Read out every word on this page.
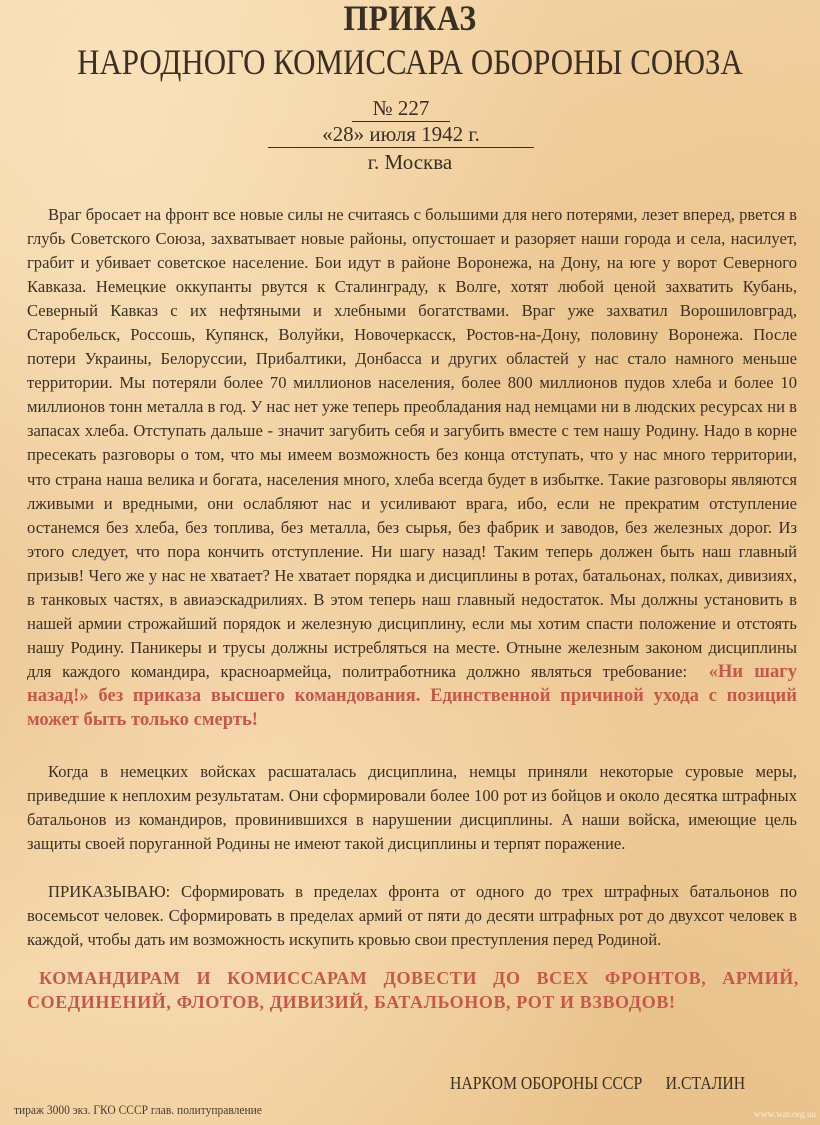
ПРИКАЗ
НАРОДНОГО КОМИССАРА ОБОРОНЫ СОЮЗА
№ 227
«28» июля 1942 г.
г. Москва
Враг бросает на фронт все новые силы не считаясь с большими для него потерями, лезет вперед, рвется в глубь Советского Союза, захватывает новые районы, опустошает и разоряет наши города и села, насилует, грабит и убивает советское население. Бои идут в районе Воронежа, на Дону, на юге у ворот Северного Кавказа. Немецкие оккупанты рвутся к Сталинграду, к Волге, хотят любой ценой захватить Кубань, Северный Кавказ с их нефтяными и хлебными богатствами. Враг уже захватил Ворошиловград, Старобельск, Россошь, Купянск, Волуйки, Новочеркасск, Ростов-на-Дону, половину Воронежа. После потери Украины, Белоруссии, Прибалтики, Донбасса и других областей у нас стало намного меньше территории. Мы потеряли более 70 миллионов населения, более 800 миллионов пудов хлеба и более 10 миллионов тонн металла в год. У нас нет уже теперь преобладания над немцами ни в людских ресурсах ни в запасах хлеба. Отступать дальше - значит загубить себя и загубить вместе с тем нашу Родину. Надо в корне пресекать разговоры о том, что мы имеем возможность без конца отступать, что у нас много территории, что страна наша велика и богата, населения много, хлеба всегда будет в избытке. Такие разговоры являются лживыми и вредными, они ослабляют нас и усиливают врага, ибо, если не прекратим отступление останемся без хлеба, без топлива, без металла, без сырья, без фабрик и заводов, без железных дорог. Из этого следует, что пора кончить отступление. Ни шагу назад! Таким теперь должен быть наш главный призыв! Чего же у нас не хватает? Не хватает порядка и дисциплины в ротах, батальонах, полках, дивизиях, в танковых частях, в авиаэскадрилиях. В этом теперь наш главный недостаток. Мы должны установить в нашей армии строжайший порядок и железную дисциплину, если мы хотим спасти положение и отстоять нашу Родину. Паникеры и трусы должны истребляться на месте. Отныне железным законом дисциплины для каждого командира, красноармейца, политработника должно являться требование: «Ни шагу назад!» без приказа высшего командования. Единственной причиной ухода с позиций может быть только смерть!
Когда в немецких войсках расшаталась дисциплина, немцы приняли некоторые суровые меры, приведшие к неплохим результатам. Они сформировали более 100 рот из бойцов и около десятка штрафных батальонов из командиров, провинившихся в нарушении дисциплины. А наши войска, имеющие цель защиты своей поруганной Родины не имеют такой дисциплины и терпят поражение.
ПРИКАЗЫВАЮ: Сформировать в пределах фронта от одного до трех штрафных батальонов по восемьсот человек. Сформировать в пределах армий от пяти до десяти штрафных рот до двухсот человек в каждой, чтобы дать им возможность искупить кровью свои преступления перед Родиной.
КОМАНДИРАМ И КОМИССАРАМ ДОВЕСТИ ДО ВСЕХ ФРОНТОВ, АРМИЙ, СОЕДИНЕНИЙ, ФЛОТОВ, ДИВИЗИЙ, БАТАЛЬОНОВ, РОТ И ВЗВОДОВ!
НАРКОМ ОБОРОНЫ СССР И.СТАЛИН
тираж 3000 экз. ГКО СССР глав. политуправление	www.war.org.ua
